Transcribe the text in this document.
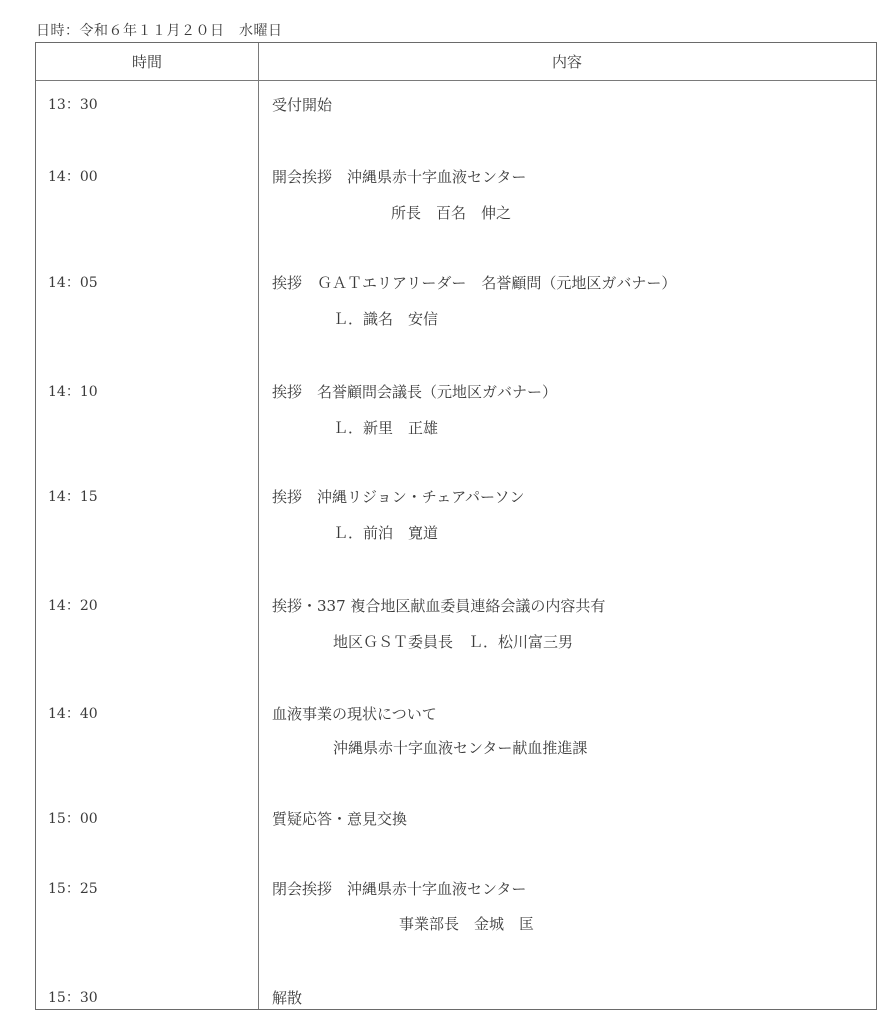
日時：令和６年１１月２０日　水曜日
時間	内容
13：30	受付開始
14：00	開会挨拶　沖縄県赤十字血液センター
所長　百名　伸之
14：05	挨拶　ＧＡＴエリアリーダー　名誉顧問（元地区ガバナー）
Ｌ．識名　安信
14：10	挨拶　名誉顧問会議長（元地区ガバナー）
Ｌ．新里　正雄
14：15	挨拶　沖縄リジョン・チェアパーソン
Ｌ．前泊　寛道
14：20	挨拶・337 複合地区献血委員連絡会議の内容共有
地区ＧＳＴ委員長　Ｌ．松川富三男
14：40	血液事業の現状について
沖縄県赤十字血液センター献血推進課
15：00	質疑応答・意見交換
15：25	閉会挨拶　沖縄県赤十字血液センター
事業部長　金城　匡
15：30	解散
